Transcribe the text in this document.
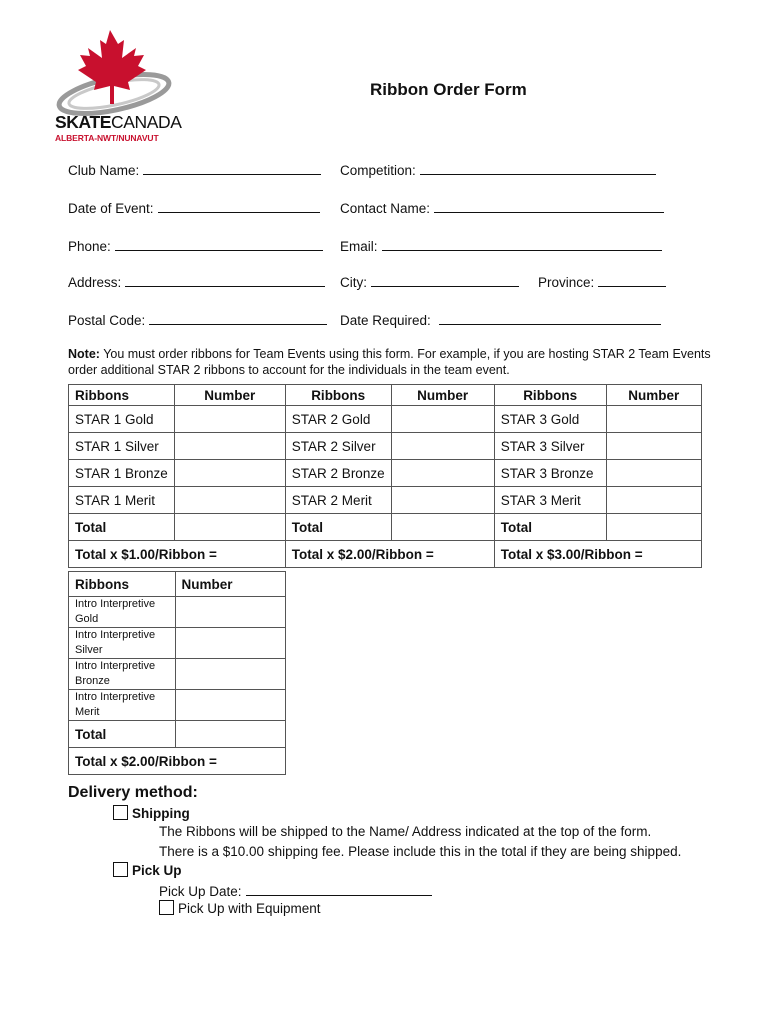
SKATECANADA
ALBERTA-NWT/NUNAVUT
Ribbon Order Form
Club Name:	Competition:
Date of Event:	Contact Name:
Phone:	Email:
Address:	City:	Province:
Postal Code:	Date Required:
Note: You must order ribbons for Team Events using this form. For example, if you are hosting STAR 2 Team Events order additional STAR 2 ribbons to account for the individuals in the team event.
Ribbons	Number	Ribbons	Number	Ribbons	Number
STAR 1 Gold		STAR 2 Gold		STAR 3 Gold	
STAR 1 Silver		STAR 2 Silver		STAR 3 Silver	
STAR 1 Bronze		STAR 2 Bronze		STAR 3 Bronze	
STAR 1 Merit		STAR 2 Merit		STAR 3 Merit	
Total		Total		Total	
Total x $1.00/Ribbon =		Total x $2.00/Ribbon =		Total x $3.00/Ribbon =	
Ribbons	Number
Intro Interpretive Gold	
Intro Interpretive Silver	
Intro Interpretive Bronze	
Intro Interpretive Merit	
Total	
Total x $2.00/Ribbon =	
Delivery method:
Shipping
The Ribbons will be shipped to the Name/ Address indicated at the top of the form.
There is a $10.00 shipping fee. Please include this in the total if they are being shipped.
Pick Up
Pick Up Date:
Pick Up with Equipment
